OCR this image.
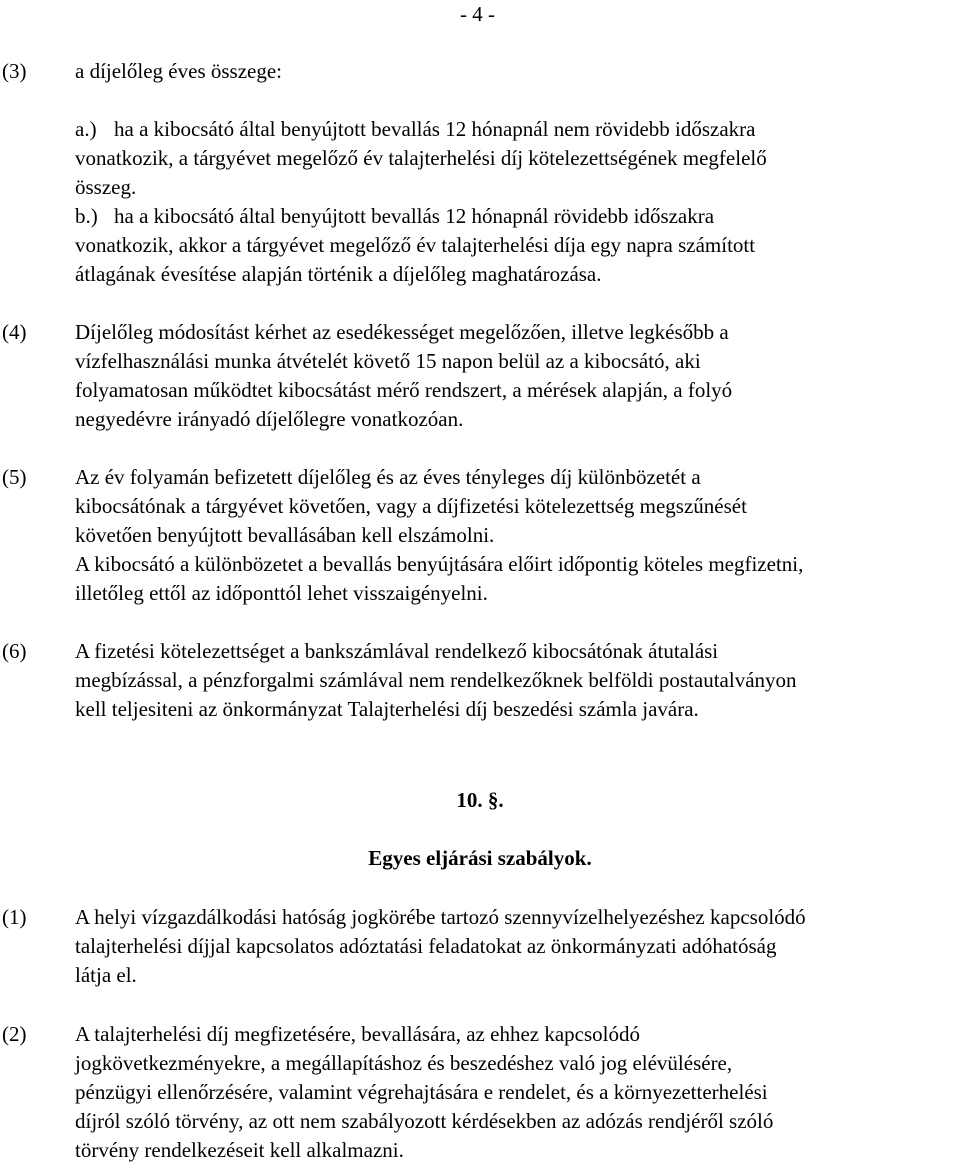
- 4 -
(3) a díjelőleg éves összege:
a.) ha a kibocsátó által benyújtott bevallás 12 hónapnál nem rövidebb időszakra
vonatkozik, a tárgyévet megelőző év talajterhelési díj kötelezettségének megfelelő
összeg.
b.) ha a kibocsátó által benyújtott bevallás 12 hónapnál rövidebb időszakra
vonatkozik, akkor a tárgyévet megelőző év talajterhelési díja egy napra számított
átlagának évesítése alapján történik a díjelőleg maghatározása.
(4) Díjelőleg módosítást kérhet az esedékességet megelőzően, illetve legkésőbb a
vízfelhasználási munka átvételét követő 15 napon belül az a kibocsátó, aki
folyamatosan működtet kibocsátást mérő rendszert, a mérések alapján, a folyó
negyedévre irányadó díjelőlegre vonatkozóan.
(5) Az év folyamán befizetett díjelőleg és az éves tényleges díj különbözetét a
kibocsátónak a tárgyévet követően, vagy a díjfizetési kötelezettség megszűnését
követően benyújtott bevallásában kell elszámolni.
A kibocsátó a különbözetet a bevallás benyújtására előirt időpontig köteles megfizetni,
illetőleg ettől az időponttól lehet visszaigényelni.
(6) A fizetési kötelezettséget a bankszámlával rendelkező kibocsátónak átutalási
megbízással, a pénzforgalmi számlával nem rendelkezőknek belföldi postautalványon
kell teljesiteni az önkormányzat Talajterhelési díj beszedési számla javára.
10. §.
Egyes eljárási szabályok.
(1) A helyi vízgazdálkodási hatóság jogkörébe tartozó szennyvízelhelyezéshez kapcsolódó
talajterhelési díjjal kapcsolatos adóztatási feladatokat az önkormányzati adóhatóság
látja el.
(2) A talajterhelési díj megfizetésére, bevallására, az ehhez kapcsolódó
jogkövetkezményekre, a megállapításhoz és beszedéshez való jog elévülésére,
pénzügyi ellenőrzésére, valamint végrehajtására e rendelet, és a környezetterhelési
díjról szóló törvény, az ott nem szabályozott kérdésekben az adózás rendjéről szóló
törvény rendelkezéseit kell alkalmazni.
